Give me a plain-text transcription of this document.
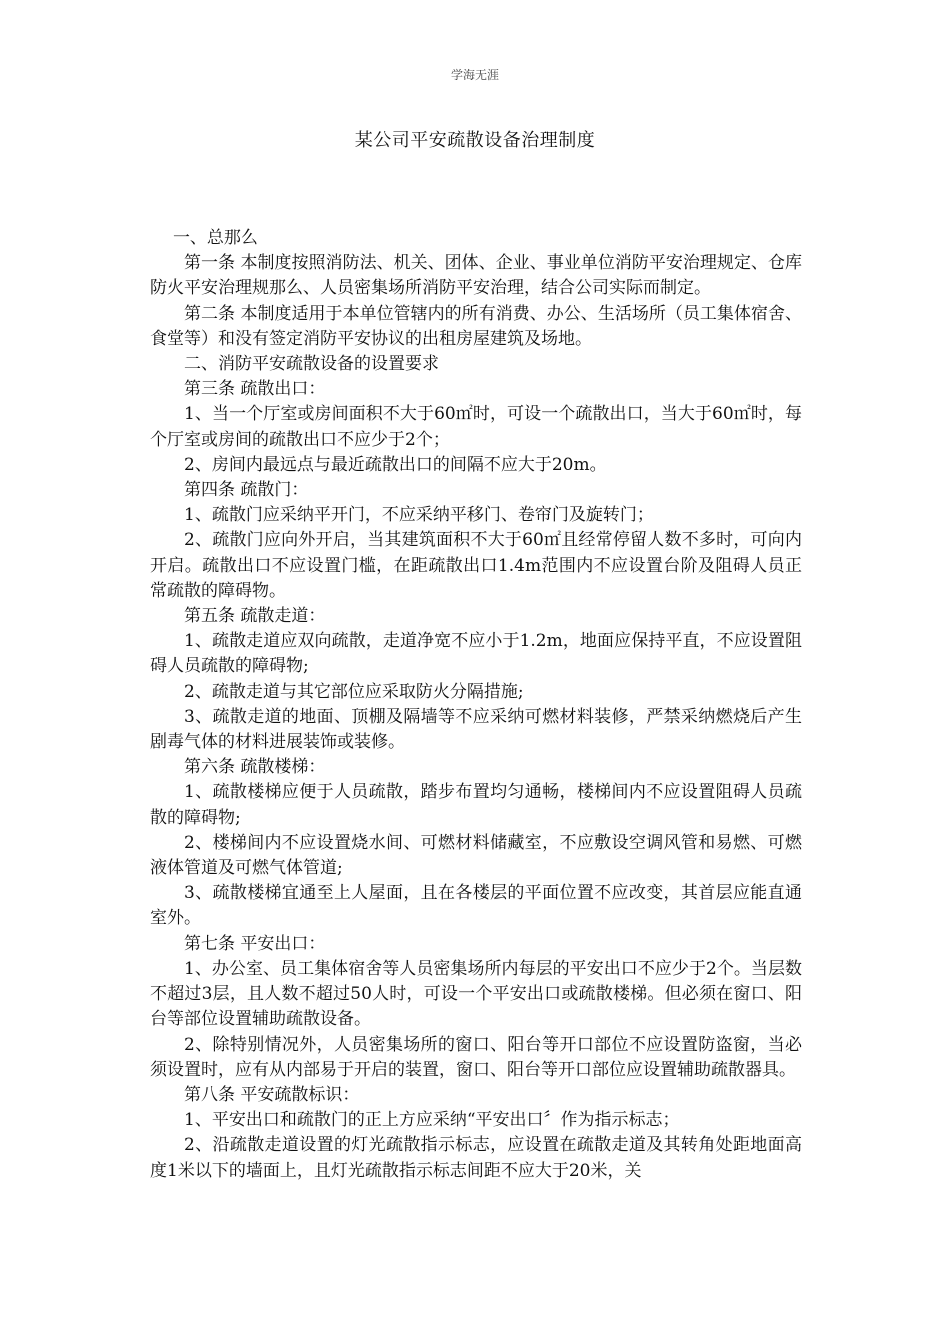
学海无涯
某公司平安疏散设备治理制度

一、总那么

第一条 本制度按照消防法、机关、团体、企业、事业单位消防平安治理规定、仓库防火平安治理规那么、人员密集场所消防平安治理，结合公司实际而制定。

第二条 本制度适用于本单位管辖内的所有消费、办公、生活场所（员工集体宿舍、食堂等）和没有签定消防平安协议的出租房屋建筑及场地。

二、消防平安疏散设备的设置要求

第三条 疏散出口：

1、当一个厅室或房间面积不大于60㎡时，可设一个疏散出口，当大于60㎡时，每个厅室或房间的疏散出口不应少于2个；

2、房间内最远点与最近疏散出口的间隔不应大于20m。

第四条 疏散门：

1、疏散门应采纳平开门，不应采纳平移门、卷帘门及旋转门；

2、疏散门应向外开启，当其建筑面积不大于60㎡且经常停留人数不多时，可向内开启。疏散出口不应设置门槛，在距疏散出口1.4m范围内不应设置台阶及阻碍人员正常疏散的障碍物。

第五条 疏散走道：

1、疏散走道应双向疏散，走道净宽不应小于1.2m，地面应保持平直，不应设置阻碍人员疏散的障碍物;

2、疏散走道与其它部位应采取防火分隔措施;

3、疏散走道的地面、顶棚及隔墙等不应采纳可燃材料装修，严禁采纳燃烧后产生剧毒气体的材料进展装饰或装修。

第六条 疏散楼梯：

1、疏散楼梯应便于人员疏散，踏步布置均匀通畅，楼梯间内不应设置阻碍人员疏散的障碍物;

2、楼梯间内不应设置烧水间、可燃材料储藏室，不应敷设空调风管和易燃、可燃液体管道及可燃气体管道;

3、疏散楼梯宜通至上人屋面，且在各楼层的平面位置不应改变，其首层应能直通室外。

第七条 平安出口：

1、办公室、员工集体宿舍等人员密集场所内每层的平安出口不应少于2个。当层数不超过3层，且人数不超过50人时，可设一个平安出口或疏散楼梯。但必须在窗口、阳台等部位设置辅助疏散设备。

2、除特别情况外，人员密集场所的窗口、阳台等开口部位不应设置防盗窗，当必须设置时，应有从内部易于开启的装置，窗口、阳台等开口部位应设置辅助疏散器具。

第八条 平安疏散标识：

1、平安出口和疏散门的正上方应采纳“平安出口〞作为指示标志；

2、沿疏散走道设置的灯光疏散指示标志，应设置在疏散走道及其转角处距地面高度1米以下的墙面上，且灯光疏散指示标志间距不应大于20米，关
